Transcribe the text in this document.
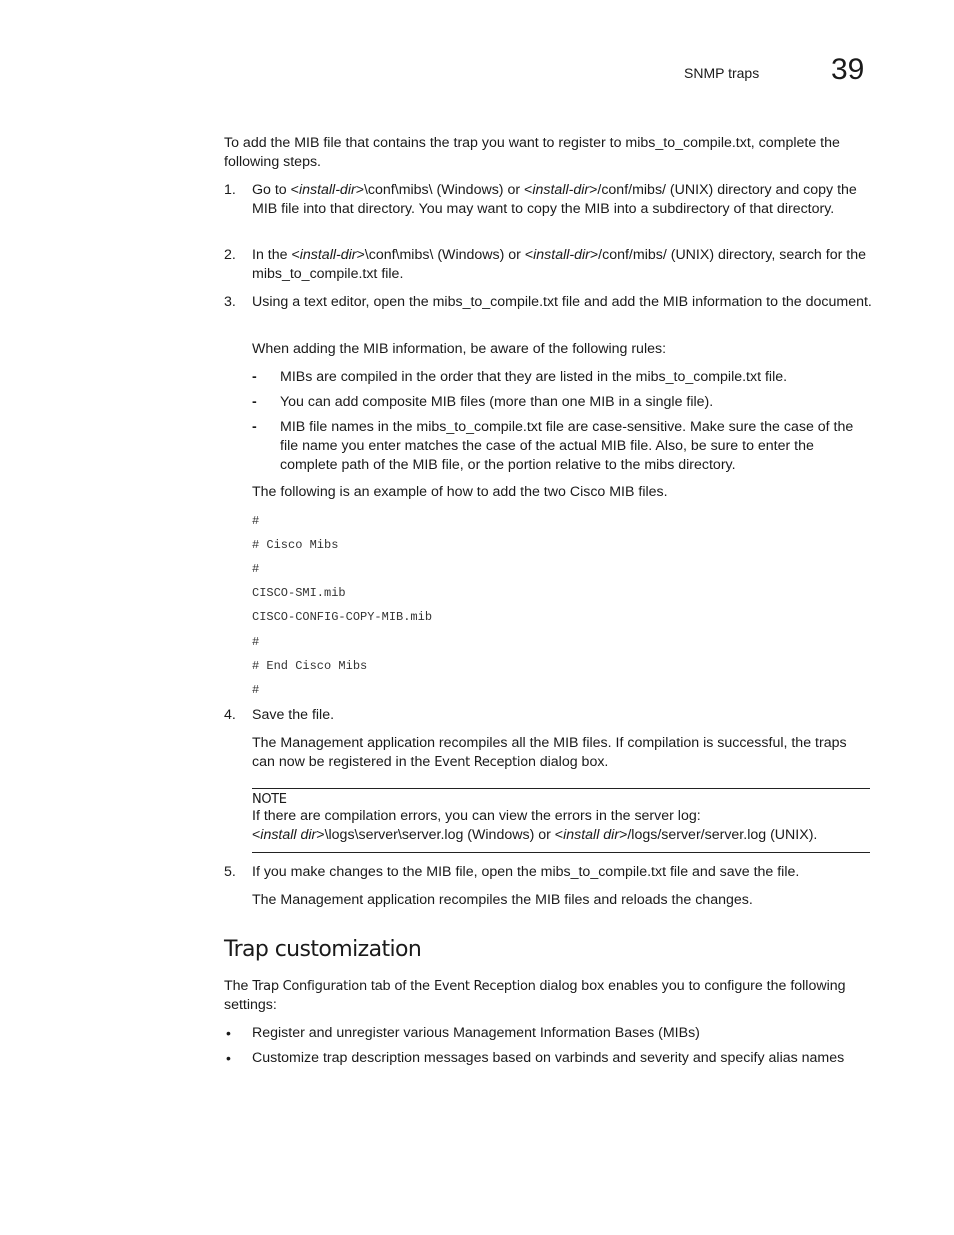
SNMP traps 39
To add the MIB file that contains the trap you want to register to mibs_to_compile.txt, complete the following steps.
1. Go to <install-dir>\conf\mibs\ (Windows) or <install-dir>/conf/mibs/ (UNIX) directory and copy the MIB file into that directory. You may want to copy the MIB into a subdirectory of that directory.
2. In the <install-dir>\conf\mibs\ (Windows) or <install-dir>/conf/mibs/ (UNIX) directory, search for the mibs_to_compile.txt file.
3. Using a text editor, open the mibs_to_compile.txt file and add the MIB information to the document.
When adding the MIB information, be aware of the following rules:
- MIBs are compiled in the order that they are listed in the mibs_to_compile.txt file.
- You can add composite MIB files (more than one MIB in a single file).
- MIB file names in the mibs_to_compile.txt file are case-sensitive. Make sure the case of the file name you enter matches the case of the actual MIB file. Also, be sure to enter the complete path of the MIB file, or the portion relative to the mibs directory.
The following is an example of how to add the two Cisco MIB files.
#
# Cisco Mibs
#
CISCO-SMI.mib
CISCO-CONFIG-COPY-MIB.mib
#
# End Cisco Mibs
#
4. Save the file.
The Management application recompiles all the MIB files. If compilation is successful, the traps can now be registered in the Event Reception dialog box.
NOTE
If there are compilation errors, you can view the errors in the server log:
<install dir>\logs\server\server.log (Windows) or <install dir>/logs/server/server.log (UNIX).
5. If you make changes to the MIB file, open the mibs_to_compile.txt file and save the file.
The Management application recompiles the MIB files and reloads the changes.
Trap customization
The Trap Configuration tab of the Event Reception dialog box enables you to configure the following settings:
• Register and unregister various Management Information Bases (MIBs)
• Customize trap description messages based on varbinds and severity and specify alias names
